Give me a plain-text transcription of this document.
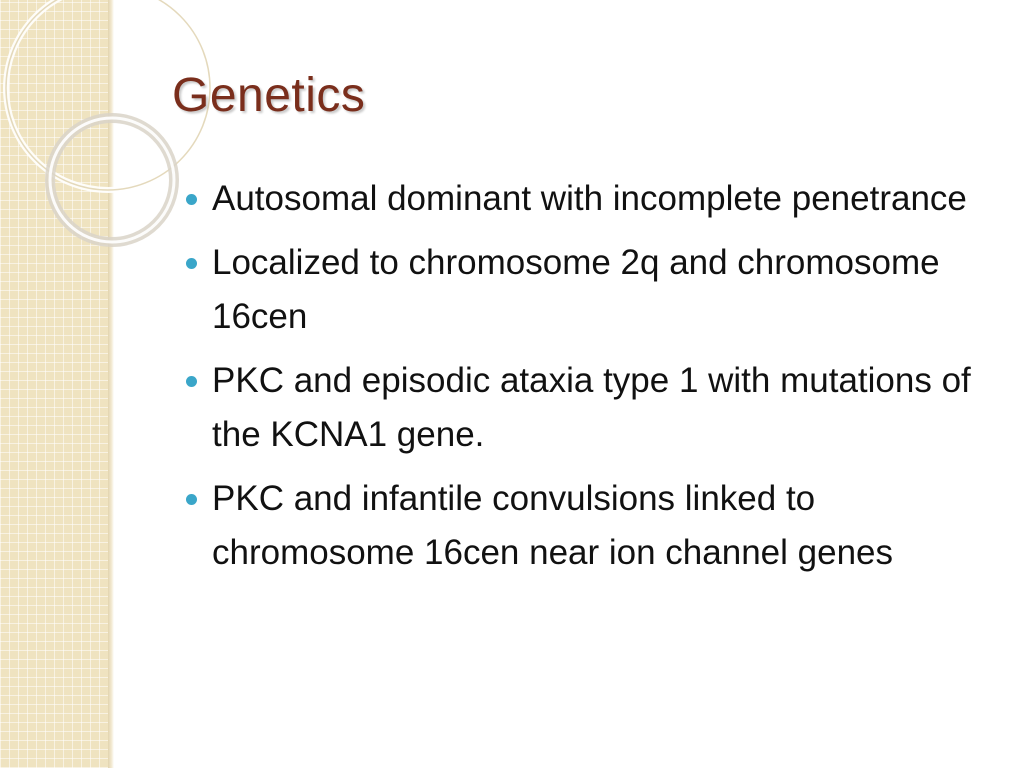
Genetics
Autosomal dominant with incomplete penetrance
Localized to chromosome 2q and chromosome 16cen
PKC and episodic ataxia type 1 with mutations of the KCNA1 gene.
PKC and infantile convulsions linked to chromosome 16cen near ion channel genes
